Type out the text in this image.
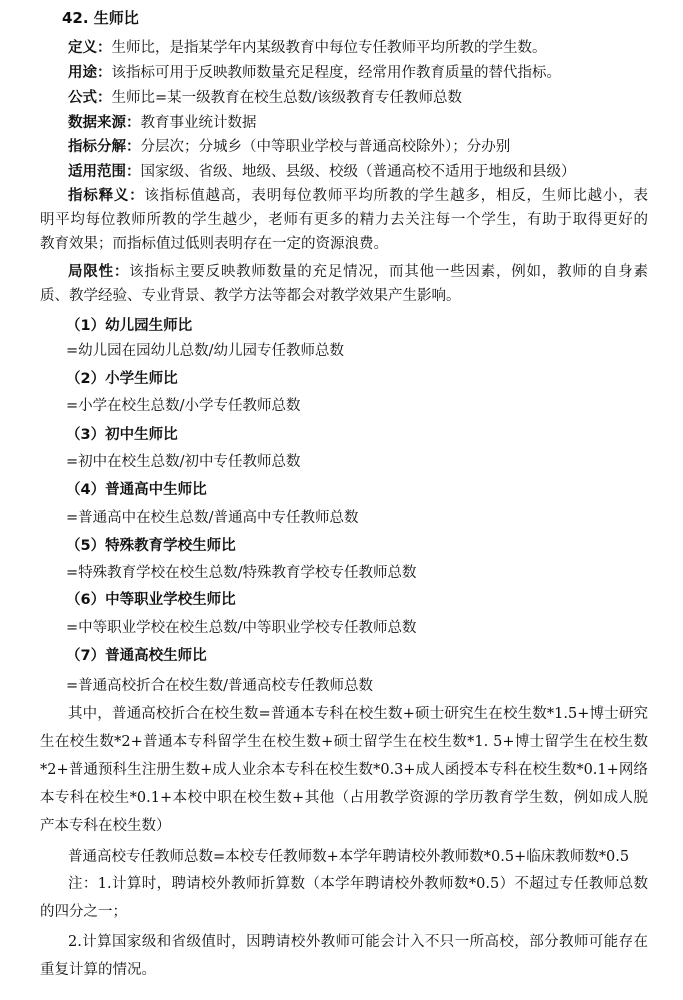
42. 生师比
定义：生师比，是指某学年内某级教育中每位专任教师平均所教的学生数。
用途：该指标可用于反映教师数量充足程度，经常用作教育质量的替代指标。
公式：生师比=某一级教育在校生总数/该级教育专任教师总数
数据来源：教育事业统计数据
指标分解：分层次；分城乡（中等职业学校与普通高校除外）；分办别
适用范围：国家级、省级、地级、县级、校级（普通高校不适用于地级和县级）
指标释义：该指标值越高，表明每位教师平均所教的学生越多，相反，生师比越小，表
明平均每位教师所教的学生越少，老师有更多的精力去关注每一个学生，有助于取得更好的
教育效果；而指标值过低则表明存在一定的资源浪费。
局限性：该指标主要反映教师数量的充足情况，而其他一些因素，例如，教师的自身素
质、教学经验、专业背景、教学方法等都会对教学效果产生影响。
（1）幼儿园生师比
=幼儿园在园幼儿总数/幼儿园专任教师总数
（2）小学生师比
=小学在校生总数/小学专任教师总数
（3）初中生师比
=初中在校生总数/初中专任教师总数
（4）普通高中生师比
=普通高中在校生总数/普通高中专任教师总数
（5）特殊教育学校生师比
=特殊教育学校在校生总数/特殊教育学校专任教师总数
（6）中等职业学校生师比
=中等职业学校在校生总数/中等职业学校专任教师总数
（7）普通高校生师比
=普通高校折合在校生数/普通高校专任教师总数
其中，普通高校折合在校生数=普通本专科在校生数+硕士研究生在校生数*1.5+博士研究
生在校生数*2+普通本专科留学生在校生数+硕士留学生在校生数*1. 5+博士留学生在校生数
*2+普通预科生注册生数+成人业余本专科在校生数*0.3+成人函授本专科在校生数*0.1+网络
本专科在校生*0.1+本校中职在校生数+其他（占用教学资源的学历教育学生数，例如成人脱
产本专科在校生数）
普通高校专任教师总数=本校专任教师数+本学年聘请校外教师数*0.5+临床教师数*0.5
注：1.计算时，聘请校外教师折算数（本学年聘请校外教师数*0.5）不超过专任教师总数
的四分之一；
2.计算国家级和省级值时，因聘请校外教师可能会计入不只一所高校，部分教师可能存在
重复计算的情况。
